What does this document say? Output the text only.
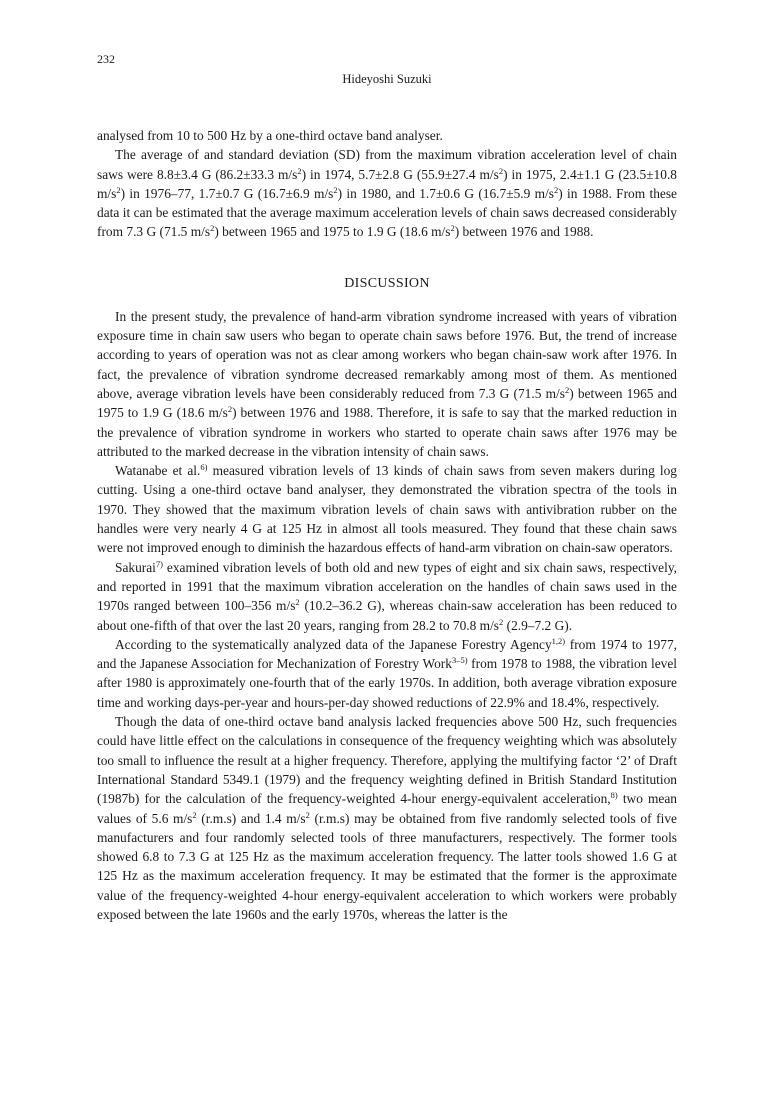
232
Hideyoshi Suzuki

analysed from 10 to 500 Hz by a one-third octave band analyser.

The average of and standard deviation (SD) from the maximum vibration acceleration level of chain saws were 8.8±3.4 G (86.2±33.3 $m/s^2$) in 1974, 5.7±2.8 G (55.9±27.4 $m/s^2$) in 1975, 2.4±1.1 G (23.5±10.8 $m/s^2$) in 1976–77, 1.7±0.7 G (16.7±6.9 $m/s^2$) in 1980, and 1.7±0.6 G (16.7±5.9 $m/s^2$) in 1988. From these data it can be estimated that the average maximum acceleration levels of chain saws decreased considerably from 7.3 G (71.5 $m/s^2$) between 1965 and 1975 to 1.9 G (18.6 $m/s^2$) between 1976 and 1988.

DISCUSSION

In the present study, the prevalence of hand-arm vibration syndrome increased with years of vibration exposure time in chain saw users who began to operate chain saws before 1976. But, the trend of increase according to years of operation was not as clear among workers who began chain-saw work after 1976. In fact, the prevalence of vibration syndrome decreased remarkably among most of them. As mentioned above, average vibration levels have been considerably reduced from 7.3 G (71.5 $m/s^2$) between 1965 and 1975 to 1.9 G (18.6 $m/s^2$) between 1976 and 1988. Therefore, it is safe to say that the marked reduction in the prevalence of vibration syndrome in workers who started to operate chain saws after 1976 may be attributed to the marked decrease in the vibration intensity of chain saws.

Watanabe et al.$^{6)}$ measured vibration levels of 13 kinds of chain saws from seven makers during log cutting. Using a one-third octave band analyser, they demonstrated the vibration spectra of the tools in 1970. They showed that the maximum vibration levels of chain saws with antivibration rubber on the handles were very nearly 4 G at 125 Hz in almost all tools measured. They found that these chain saws were not improved enough to diminish the hazardous effects of hand-arm vibration on chain-saw operators.

Sakurai$^{7)}$ examined vibration levels of both old and new types of eight and six chain saws, respectively, and reported in 1991 that the maximum vibration acceleration on the handles of chain saws used in the 1970s ranged between 100–356 $m/s^2$ (10.2–36.2 G), whereas chain-saw acceleration has been reduced to about one-fifth of that over the last 20 years, ranging from 28.2 to 70.8 $m/s^2$ (2.9–7.2 G).

According to the systematically analyzed data of the Japanese Forestry Agency$^{1,2)}$ from 1974 to 1977, and the Japanese Association for Mechanization of Forestry Work$^{3-5)}$ from 1978 to 1988, the vibration level after 1980 is approximately one-fourth that of the early 1970s. In addition, both average vibration exposure time and working days-per-year and hours-per-day showed reductions of 22.9% and 18.4%, respectively.

Though the data of one-third octave band analysis lacked frequencies above 500 Hz, such frequencies could have little effect on the calculations in consequence of the frequency weighting which was absolutely too small to influence the result at a higher frequency. Therefore, applying the multifying factor ‘2’ of Draft International Standard 5349.1 (1979) and the frequency weighting defined in British Standard Institution (1987b) for the calculation of the frequency-weighted 4-hour energy-equivalent acceleration,$^{8)}$ two mean values of 5.6 $m/s^2$ (r.m.s) and 1.4 $m/s^2$ (r.m.s) may be obtained from five randomly selected tools of five manufacturers and four randomly selected tools of three manufacturers, respectively. The former tools showed 6.8 to 7.3 G at 125 Hz as the maximum acceleration frequency. The latter tools showed 1.6 G at 125 Hz as the maximum acceleration frequency. It may be estimated that the former is the approximate value of the frequency-weighted 4-hour energy-equivalent acceleration to which workers were probably exposed between the late 1960s and the early 1970s, whereas the latter is the
